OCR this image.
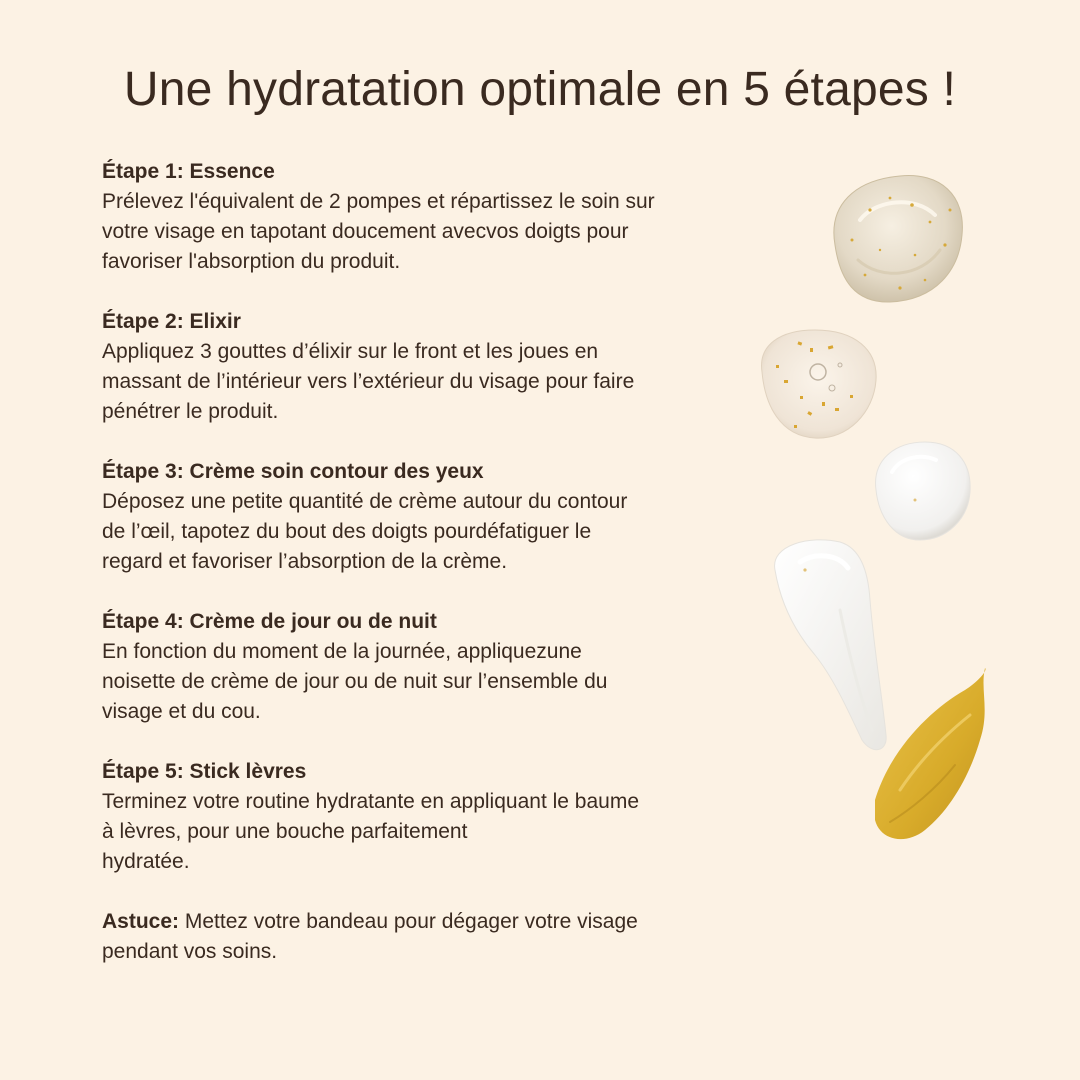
Une hydratation optimale en 5 étapes !

Étape 1: Essence

Prélevez l'équivalent de 2 pompes et répartissez le soin sur
votre visage en tapotant doucement avecvos doigts pour
favoriser l'absorption du produit.

Étape 2: Elixir

Appliquez 3 gouttes d’élixir sur le front et les joues en
massant de l’intérieur vers l’extérieur du visage pour faire
pénétrer le produit.

Étape 3: Crème soin contour des yeux

Déposez une petite quantité de crème autour du contour
de l’œil, tapotez du bout des doigts pourdéfatiguer le
regard et favoriser l’absorption de la crème.

Étape 4: Crème de jour ou de nuit

En fonction du moment de la journée, appliquezune
noisette de crème de jour ou de nuit sur l’ensemble du
visage et du cou.

Étape 5: Stick lèvres

Terminez votre routine hydratante en appliquant le baume
à lèvres, pour une bouche parfaitement
hydratée.

Astuce: Mettez votre bandeau pour dégager votre visage
pendant vos soins.
